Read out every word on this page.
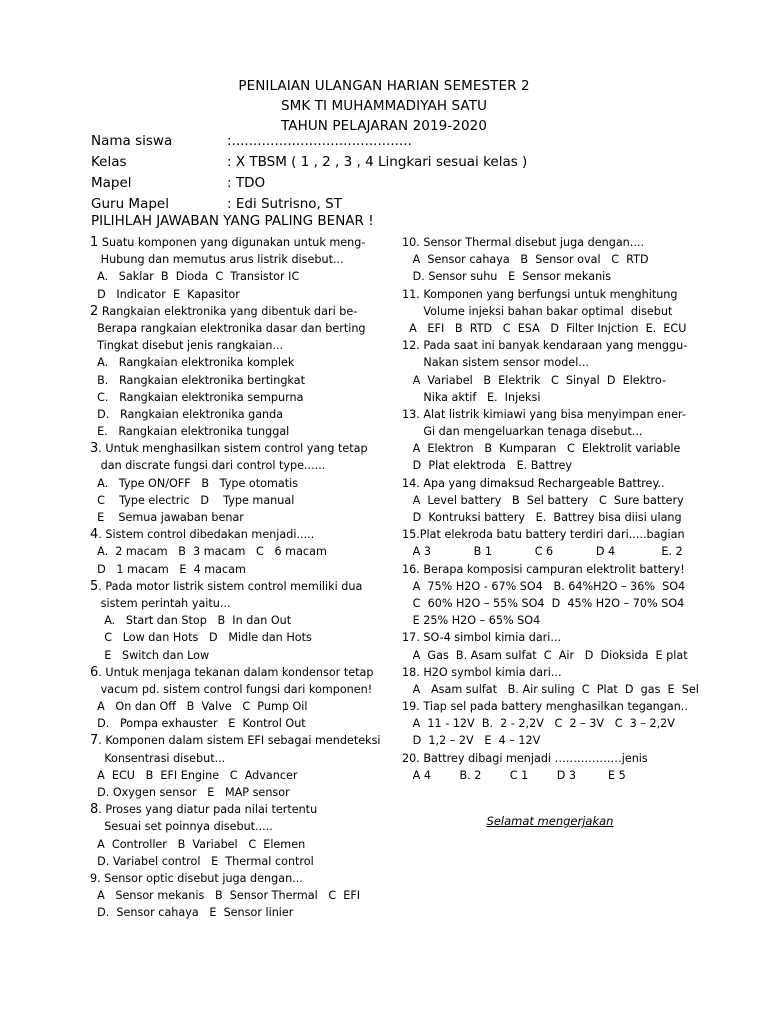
PENILAIAN ULANGAN HARIAN SEMESTER 2
SMK TI MUHAMMADIYAH SATU
TAHUN PELAJARAN 2019-2020
Nama siswa	:..........................................
Kelas	: X TBSM ( 1 , 2 , 3 , 4 Lingkari sesuai kelas )
Mapel	: TDO
Guru Mapel	: Edi Sutrisno, ST
PILIHLAH JAWABAN YANG PALING BENAR !
1 Suatu komponen yang digunakan untuk meng-
Hubung dan memutus arus listrik disebut...
A.   Saklar  B  Dioda  C  Transistor IC
D   Indicator  E  Kapasitor
2 Rangkaian elektronika yang dibentuk dari be-
Berapa rangkaian elektronika dasar dan berting
Tingkat disebut jenis rangkaian...
A.   Rangkaian elektronika komplek
B.   Rangkaian elektronika bertingkat
C.   Rangkaian elektronika sempurna
D.   Rangkaian elektronika ganda
E.   Rangkaian elektronika tunggal
3. Untuk menghasilkan sistem control yang tetap
dan discrate fungsi dari control type......
A.   Type ON/OFF   B   Type otomatis
C    Type electric   D    Type manual
E    Semua jawaban benar
4. Sistem control dibedakan menjadi.....
A.  2 macam   B  3 macam   C   6 macam
D   1 macam   E  4 macam
5. Pada motor listrik sistem control memiliki dua
sistem perintah yaitu...
A.   Start dan Stop   B  In dan Out
C   Low dan Hots   D   Midle dan Hots
E   Switch dan Low
6. Untuk menjaga tekanan dalam kondensor tetap
vacum pd. sistem control fungsi dari komponen!
A   On dan Off   B  Valve   C  Pump Oil
D.   Pompa exhauster   E  Kontrol Out
7. Komponen dalam sistem EFI sebagai mendeteksi
Konsentrasi disebut...
A  ECU   B  EFI Engine   C  Advancer
D. Oxygen sensor   E   MAP sensor
8. Proses yang diatur pada nilai tertentu
Sesuai set poinnya disebut.....
A  Controller   B  Variabel   C  Elemen
D. Variabel control   E  Thermal control
9. Sensor optic disebut juga dengan...
A   Sensor mekanis   B  Sensor Thermal   C  EFI
D.  Sensor cahaya   E  Sensor linier
10. Sensor Thermal disebut juga dengan....
A  Sensor cahaya   B  Sensor oval   C  RTD
D. Sensor suhu   E  Sensor mekanis
11. Komponen yang berfungsi untuk menghitung
Volume injeksi bahan bakar optimal  disebut
A   EFI   B  RTD   C  ESA   D  Filter Injction  E.  ECU
12. Pada saat ini banyak kendaraan yang menggu-
Nakan sistem sensor model...
A  Variabel   B  Elektrik   C  Sinyal  D  Elektro-
Nika aktif   E.  Injeksi
13. Alat listrik kimiawi yang bisa menyimpan ener-
Gi dan mengeluarkan tenaga disebut...
A  Elektron   B  Kumparan   C  Elektrolit variable
D  Plat elektroda   E. Battrey
14. Apa yang dimaksud Rechargeable Battrey..
A  Level battery   B  Sel battery   C  Sure battery
D  Kontruksi battery   E.  Battrey bisa diisi ulang
15.Plat elekroda batu battery terdiri dari.....bagian
A 3            B 1            C 6            D 4             E. 2
16. Berapa komposisi campuran elektrolit battery!
A  75% H2O - 67% SO4   B. 64%H2O – 36%  SO4
C  60% H2O – 55% SO4  D  45% H2O – 70% SO4
E 25% H2O – 65% SO4
17. SO-4 simbol kimia dari...
A  Gas  B. Asam sulfat  C  Air   D  Dioksida  E plat
18. H2O symbol kimia dari...
A   Asam sulfat   B. Air suling  C  Plat  D  gas  E  Sel
19. Tiap sel pada battery menghasilkan tegangan..
A  11 - 12V  B.  2 - 2,2V   C  2 – 3V   C  3 – 2,2V
D  1,2 – 2V   E  4 – 12V
20. Battrey dibagi menjadi ………………jenis
A 4        B. 2        C 1        D 3         E 5
Selamat mengerjakan
